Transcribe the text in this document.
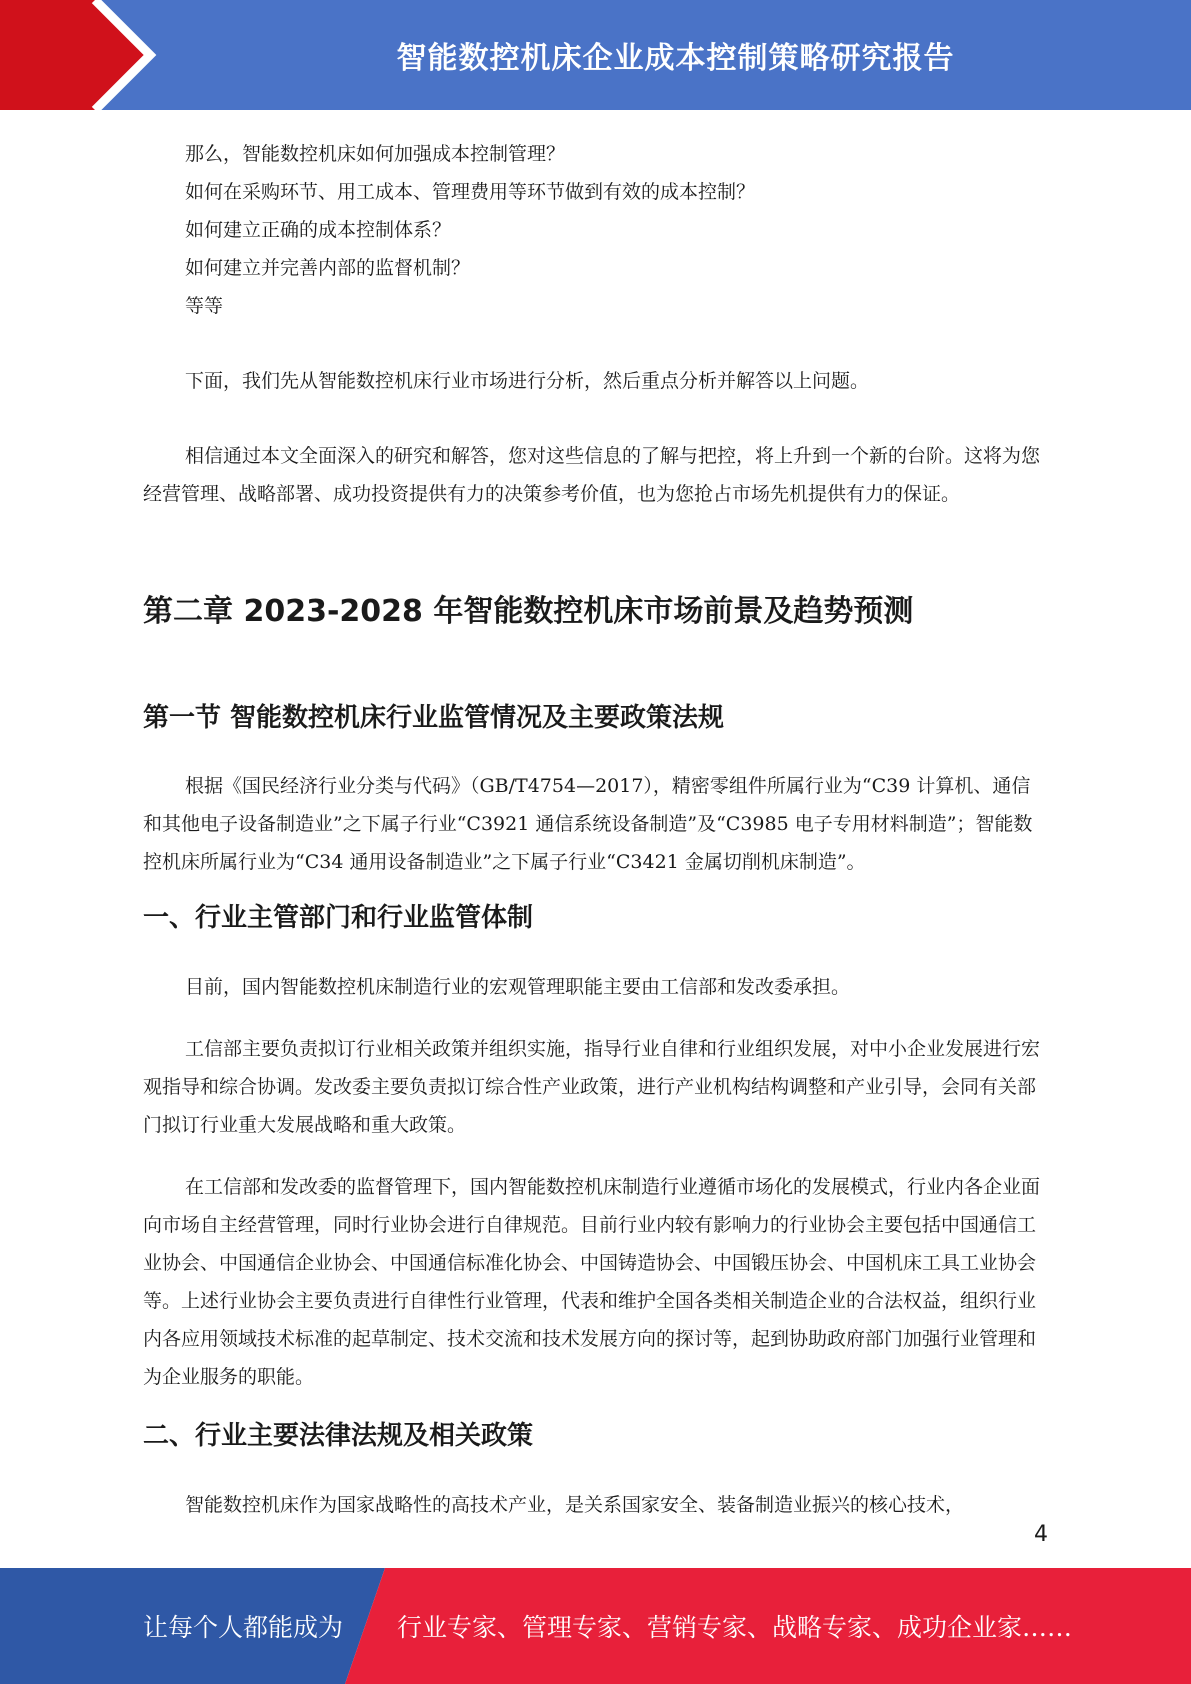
智能数控机床企业成本控制策略研究报告

那么，智能数控机床如何加强成本控制管理？

如何在采购环节、用工成本、管理费用等环节做到有效的成本控制？

如何建立正确的成本控制体系？

如何建立并完善内部的监督机制？

等等

下面，我们先从智能数控机床行业市场进行分析，然后重点分析并解答以上问题。

相信通过本文全面深入的研究和解答，您对这些信息的了解与把控，将上升到一个新的台阶。这将为您经营管理、战略部署、成功投资提供有力的决策参考价值，也为您抢占市场先机提供有力的保证。

第二章 2023-2028 年智能数控机床市场前景及趋势预测
第一节 智能数控机床行业监管情况及主要政策法规

根据《国民经济行业分类与代码》（GB/T4754—2017），精密零组件所属行业为“C39 计算机、通信和其他电子设备制造业”之下属子行业“C3921 通信系统设备制造”及“C3985 电子专用材料制造”；智能数控机床所属行业为“C34 通用设备制造业”之下属子行业“C3421 金属切削机床制造”。

一、行业主管部门和行业监管体制

目前，国内智能数控机床制造行业的宏观管理职能主要由工信部和发改委承担。

工信部主要负责拟订行业相关政策并组织实施，指导行业自律和行业组织发展，对中小企业发展进行宏观指导和综合协调。发改委主要负责拟订综合性产业政策，进行产业机构结构调整和产业引导，会同有关部门拟订行业重大发展战略和重大政策。

在工信部和发改委的监督管理下，国内智能数控机床制造行业遵循市场化的发展模式，行业内各企业面向市场自主经营管理，同时行业协会进行自律规范。目前行业内较有影响力的行业协会主要包括中国通信工业协会、中国通信企业协会、中国通信标准化协会、中国铸造协会、中国锻压协会、中国机床工具工业协会等。上述行业协会主要负责进行自律性行业管理，代表和维护全国各类相关制造企业的合法权益，组织行业内各应用领域技术标准的起草制定、技术交流和技术发展方向的探讨等，起到协助政府部门加强行业管理和为企业服务的职能。

二、行业主要法律法规及相关政策

智能数控机床作为国家战略性的高技术产业，是关系国家安全、装备制造业振兴的核心技术，

4
让每个人都能成为 行业专家、管理专家、营销专家、战略专家、成功企业家……
